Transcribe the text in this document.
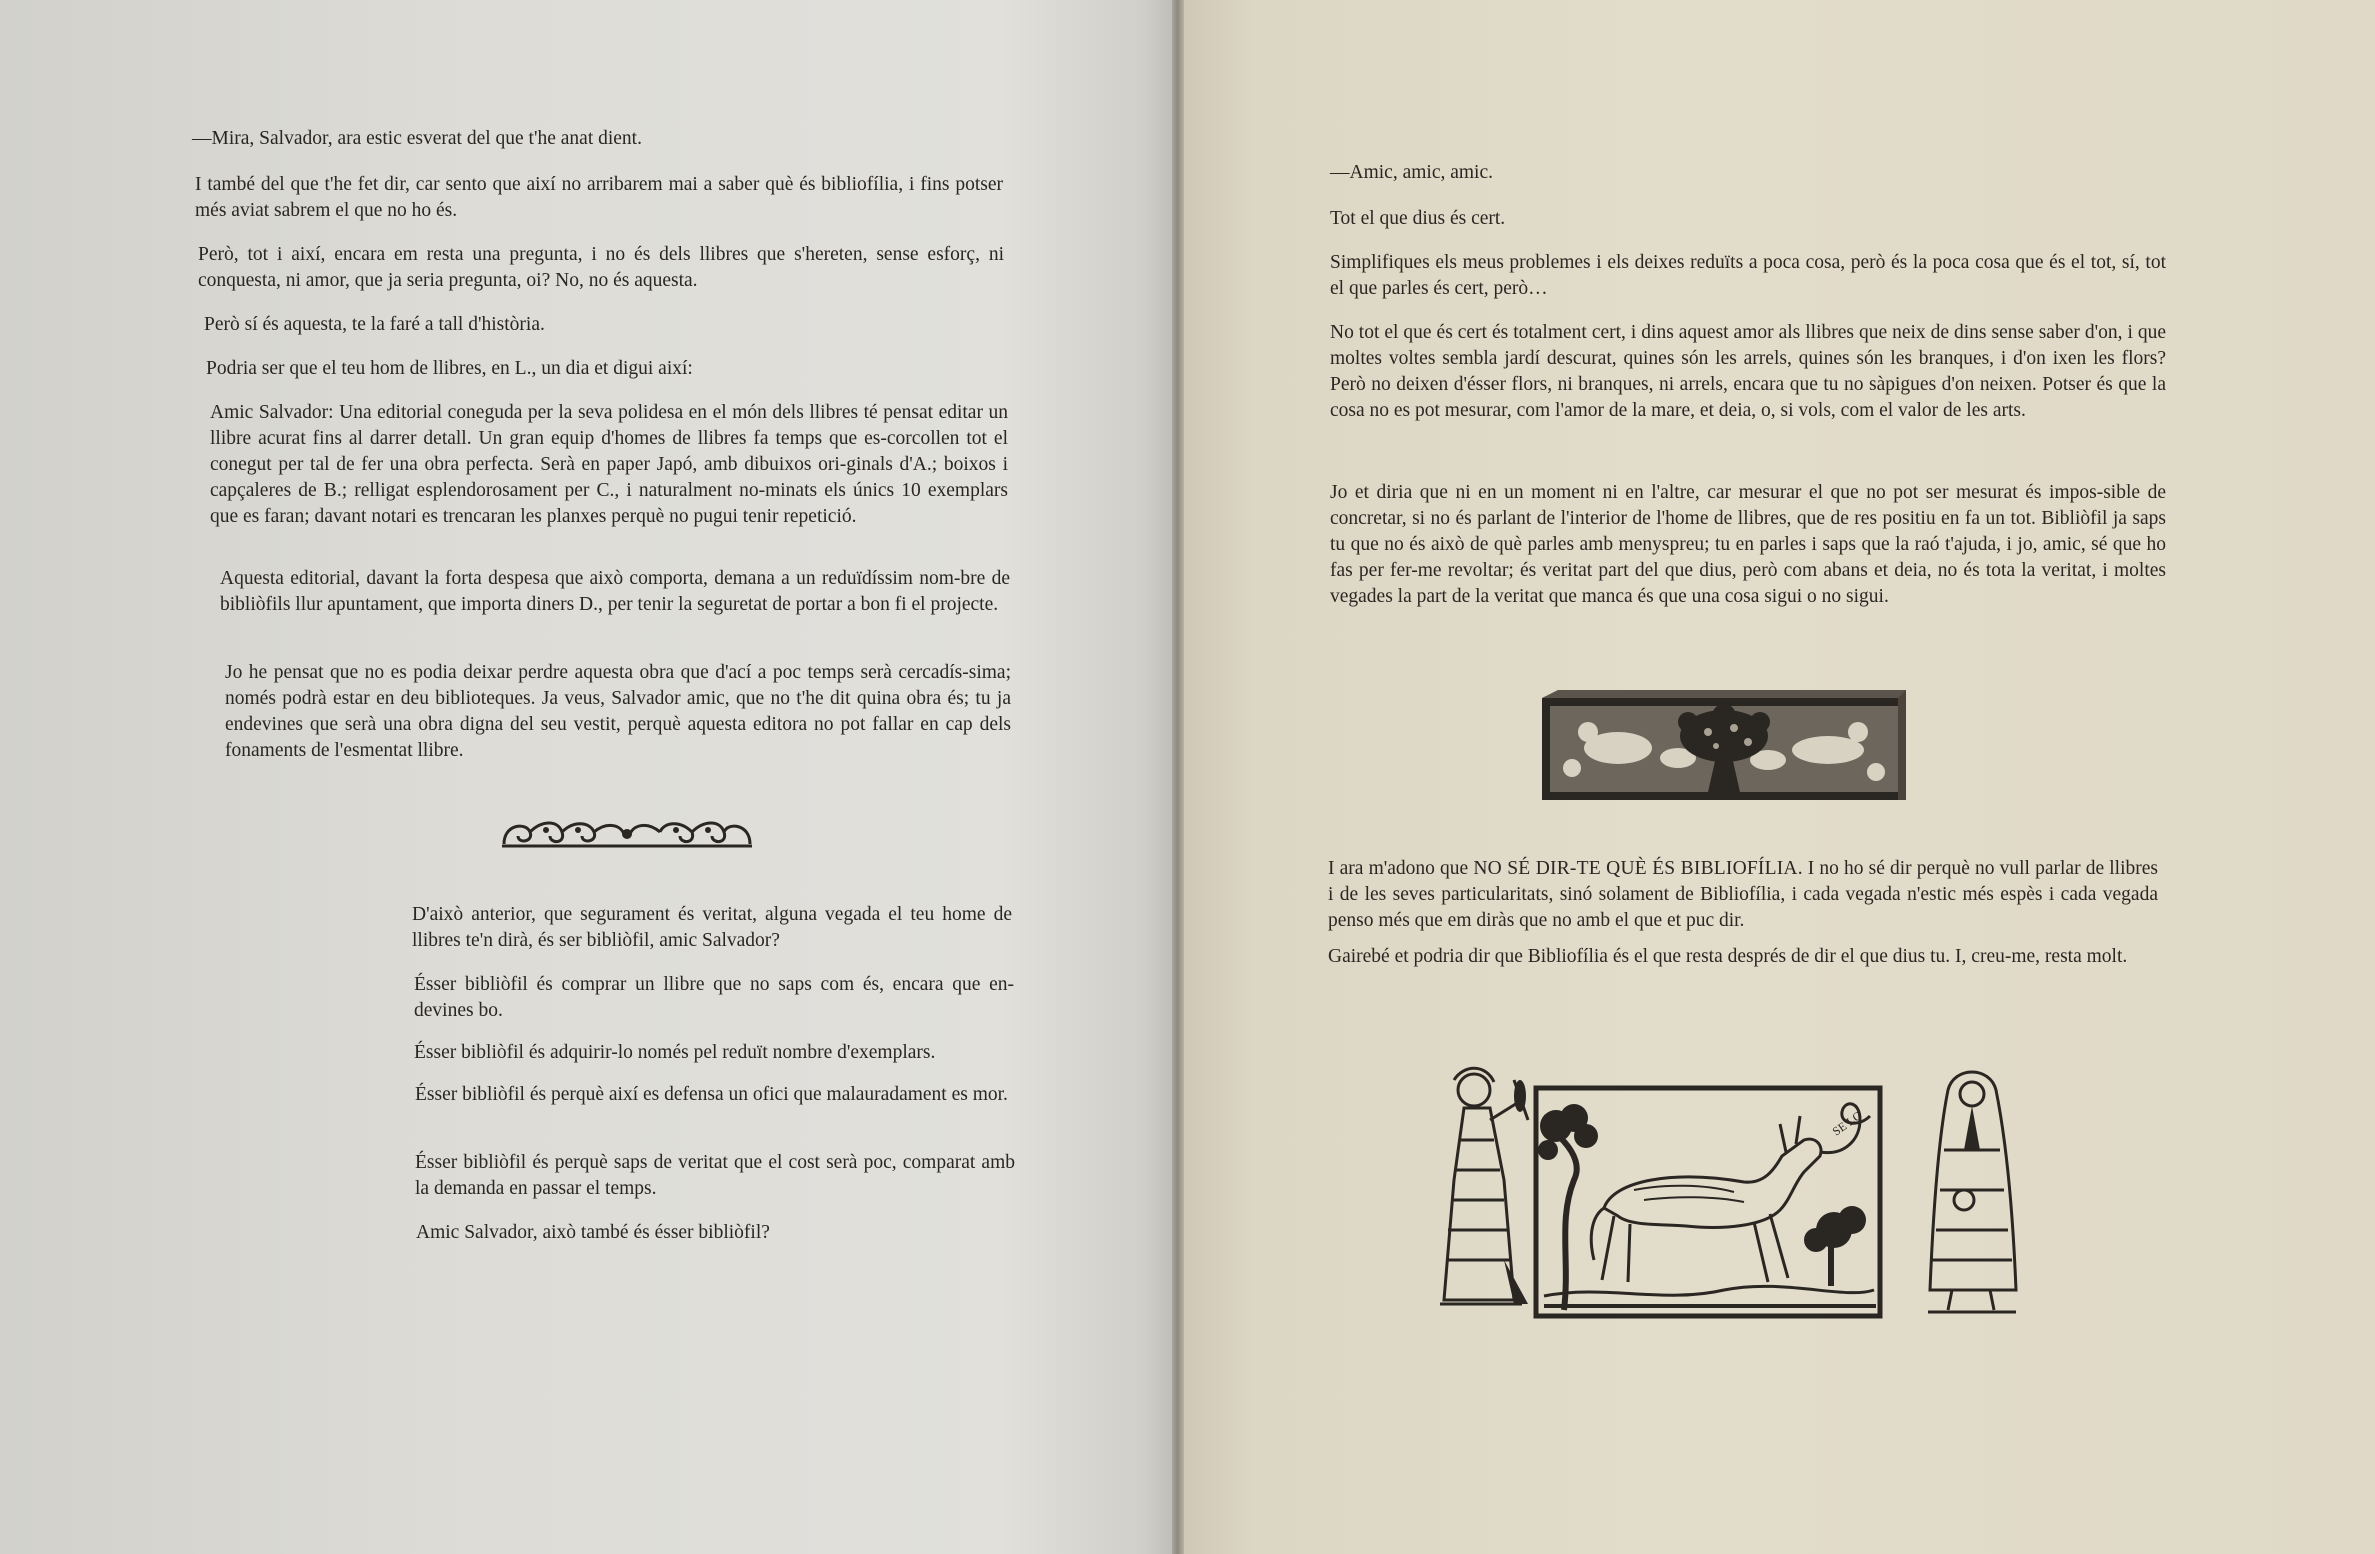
—Mira, Salvador, ara estic esverat del que t'he anat dient.

I també del que t'he fet dir, car sento que així no arribarem mai a saber què és bibliofília, i fins potser més aviat sabrem el que no ho és.

Però, tot i així, encara em resta una pregunta, i no és dels llibres que s'hereten, sense esforç, ni conquesta, ni amor, que ja seria pregunta, oi? No, no és aquesta.

Però sí és aquesta, te la faré a tall d'història.

Podria ser que el teu hom de llibres, en L., un dia et digui així:

Amic Salvador: Una editorial coneguda per la seva polidesa en el món dels llibres té pensat editar un llibre acurat fins al darrer detall. Un gran equip d'homes de llibres fa temps que es-corcollen tot el conegut per tal de fer una obra perfecta. Serà en paper Japó, amb dibuixos ori-ginals d'A.; boixos i capçaleres de B.; relligat esplendorosament per C., i naturalment no-minats els únics 10 exemplars que es faran; davant notari es trencaran les planxes perquè no pugui tenir repetició.

Aquesta editorial, davant la forta despesa que això comporta, demana a un reduïdíssim nom-bre de bibliòfils llur apuntament, que importa diners D., per tenir la seguretat de portar a bon fi el projecte.

Jo he pensat que no es podia deixar perdre aquesta obra que d'ací a poc temps serà cercadís-sima; només podrà estar en deu biblioteques. Ja veus, Salvador amic, que no t'he dit quina obra és; tu ja endevines que serà una obra digna del seu vestit, perquè aquesta editora no pot fallar en cap dels fonaments de l'esmentat llibre.

D'això anterior, que segurament és veritat, alguna vegada el teu home de llibres te'n dirà, és ser bibliòfil, amic Salvador?

Ésser bibliòfil és comprar un llibre que no saps com és, encara que en-devines bo.

Ésser bibliòfil és adquirir-lo només pel reduït nombre d'exemplars.

Ésser bibliòfil és perquè així es defensa un ofici que malauradament es mor.

Ésser bibliòfil és perquè saps de veritat que el cost serà poc, comparat amb la demanda en passar el temps.

Amic Salvador, això també és ésser bibliòfil?

—Amic, amic, amic.

Tot el que dius és cert.

Simplifiques els meus problemes i els deixes reduïts a poca cosa, però és la poca cosa que és el tot, sí, tot el que parles és cert, però…

No tot el que és cert és totalment cert, i dins aquest amor als llibres que neix de dins sense saber d'on, i que moltes voltes sembla jardí descurat, quines són les arrels, quines són les branques, i d'on ixen les flors? Però no deixen d'ésser flors, ni branques, ni arrels, encara que tu no sàpigues d'on neixen. Potser és que la cosa no es pot mesurar, com l'amor de la mare, et deia, o, si vols, com el valor de les arts.

Jo et diria que ni en un moment ni en l'altre, car mesurar el que no pot ser mesurat és impos-sible de concretar, si no és parlant de l'interior de l'home de llibres, que de res positiu en fa un tot. Bibliòfil ja saps tu que no és això de què parles amb menyspreu; tu en parles i saps que la raó t'ajuda, i jo, amic, sé que ho fas per fer-me revoltar; és veritat part del que dius, però com abans et deia, no és tota la veritat, i moltes vegades la part de la veritat que manca és que una cosa sigui o no sigui.

I ara m'adono que NO SÉ DIR-TE QUÈ ÉS BIBLIOFÍLIA. I no ho sé dir perquè no vull parlar de llibres i de les seves particularitats, sinó solament de Bibliofília, i cada vegada n'estic més espès i cada vegada penso més que em diràs que no amb el que et puc dir.

Gairebé et podria dir que Bibliofília és el que resta després de dir el que dius tu. I, creu-me, resta molt.

SE LO
